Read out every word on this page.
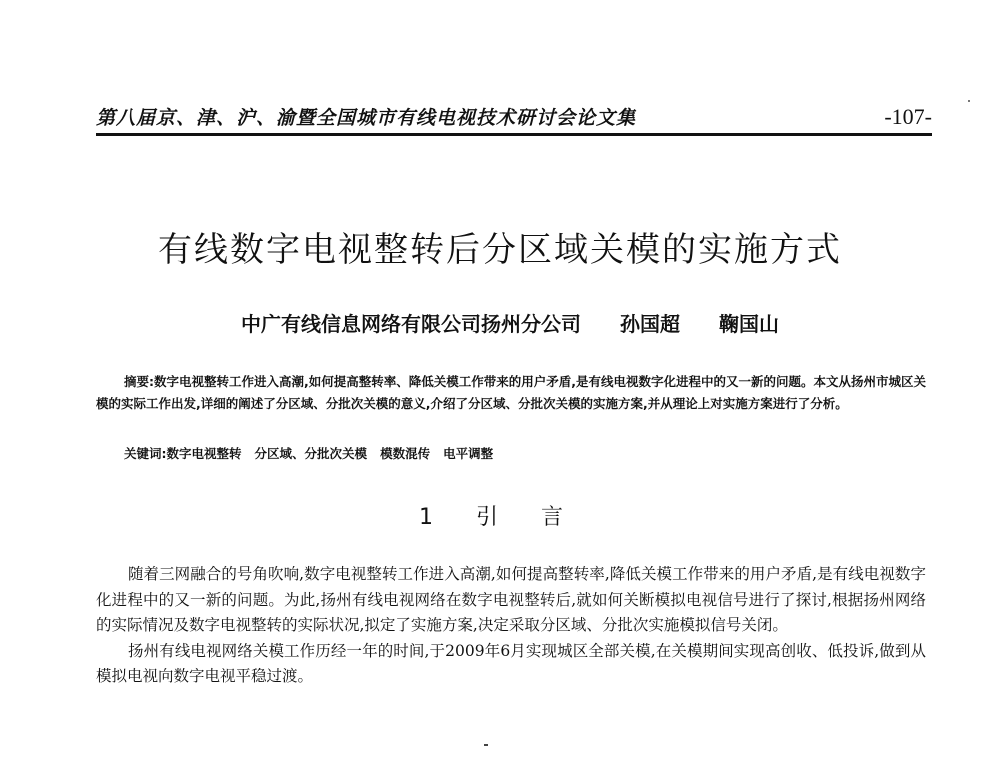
第八届京、津、沪、渝暨全国城市有线电视技术研讨会论文集	-107-
有线数字电视整转后分区域关模的实施方式
中广有线信息网络有限公司扬州分公司 孙国超 鞠国山
摘要:数字电视整转工作进入高潮,如何提高整转率、降低关模工作带来的用户矛盾,是有线电视数字化进程中的又一新的问题。本文从扬州市城区关模的实际工作出发,详细的阐述了分区域、分批次关模的意义,介绍了分区域、分批次关模的实施方案,并从理论上对实施方案进行了分析。
关键词:数字电视整转   分区域、分批次关模   模数混传   电平调整
1 引 言

随着三网融合的号角吹响,数字电视整转工作进入高潮,如何提高整转率,降低关模工作带来的用户矛盾,是有线电视数字化进程中的又一新的问题。为此,扬州有线电视网络在数字电视整转后,就如何关断模拟电视信号进行了探讨,根据扬州网络的实际情况及数字电视整转的实际状况,拟定了实施方案,决定采取分区域、分批次实施模拟信号关闭。

扬州有线电视网络关模工作历经一年的时间,于2009年6月实现城区全部关模,在关模期间实现高创收、低投诉,做到从模拟电视向数字电视平稳过渡。
